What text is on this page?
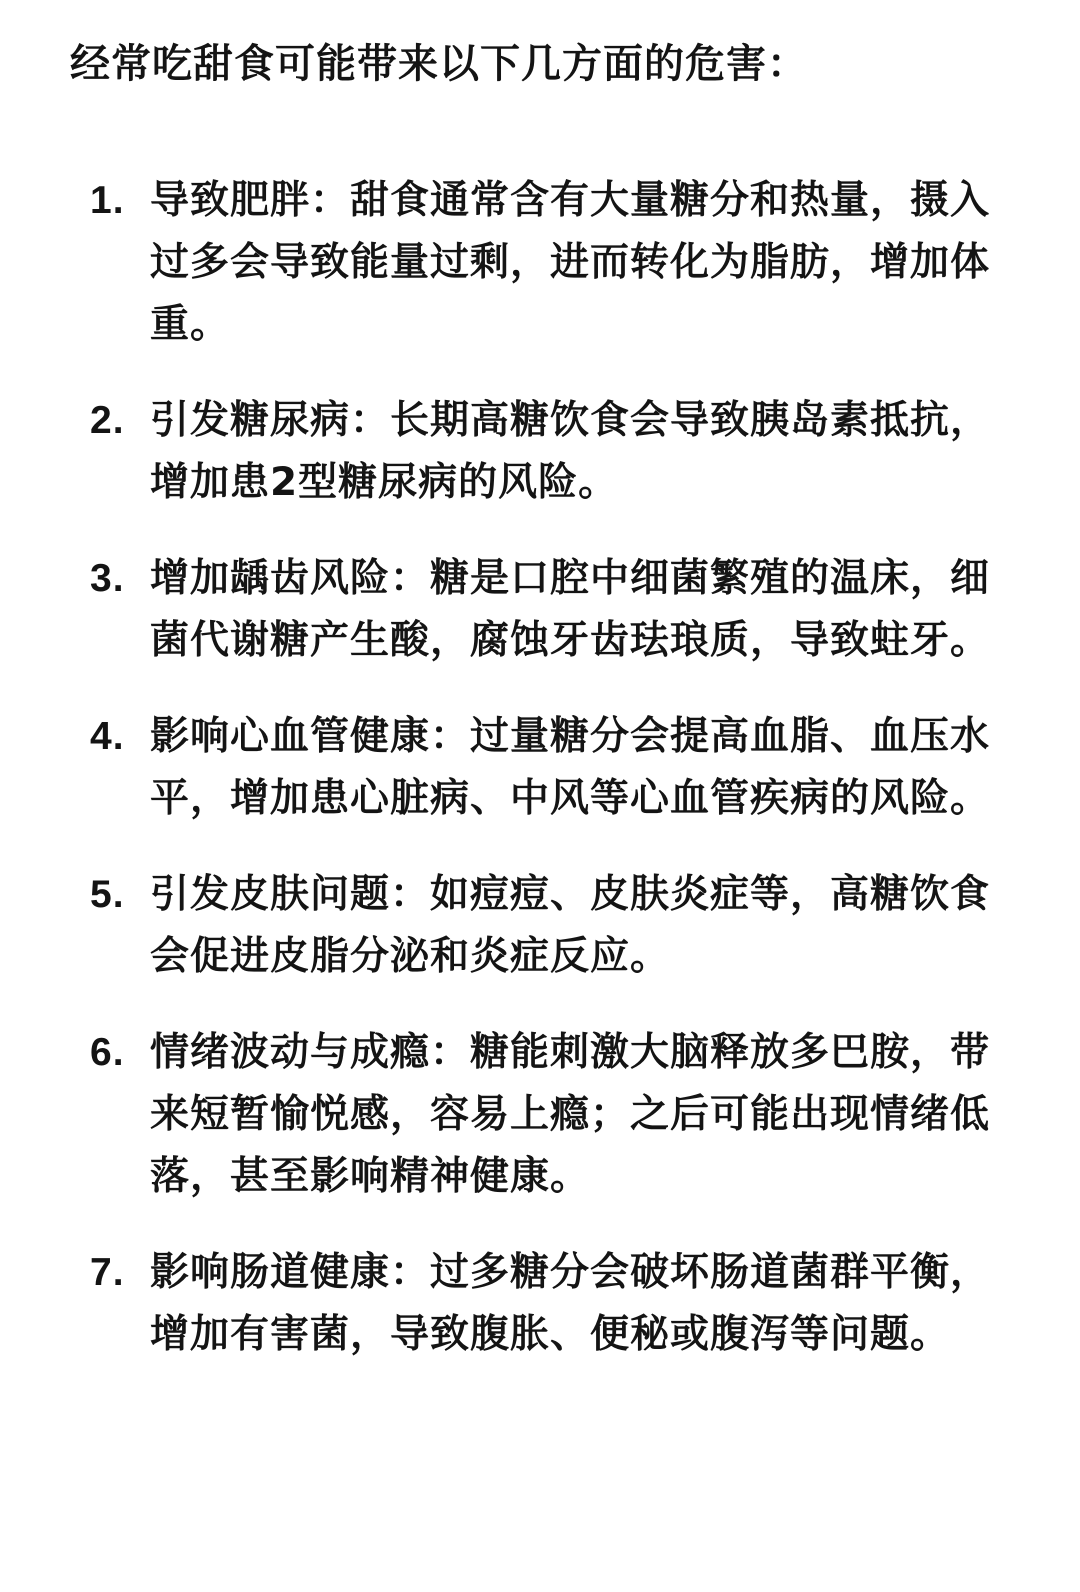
经常吃甜食可能带来以下几方面的危害：
1. 导致肥胖：甜食通常含有大量糖分和热量，摄入过多会导致能量过剩，进而转化为脂肪，增加体重。
2. 引发糖尿病：长期高糖饮食会导致胰岛素抵抗，增加患2型糖尿病的风险。
3. 增加龋齿风险：糖是口腔中细菌繁殖的温床，细菌代谢糖产生酸，腐蚀牙齿珐琅质，导致蛀牙。
4. 影响心血管健康：过量糖分会提高血脂、血压水平，增加患心脏病、中风等心血管疾病的风险。
5. 引发皮肤问题：如痘痘、皮肤炎症等，高糖饮食会促进皮脂分泌和炎症反应。
6. 情绪波动与成瘾：糖能刺激大脑释放多巴胺，带来短暂愉悦感，容易上瘾；之后可能出现情绪低落，甚至影响精神健康。
7. 影响肠道健康：过多糖分会破坏肠道菌群平衡，增加有害菌，导致腹胀、便秘或腹泻等问题。
